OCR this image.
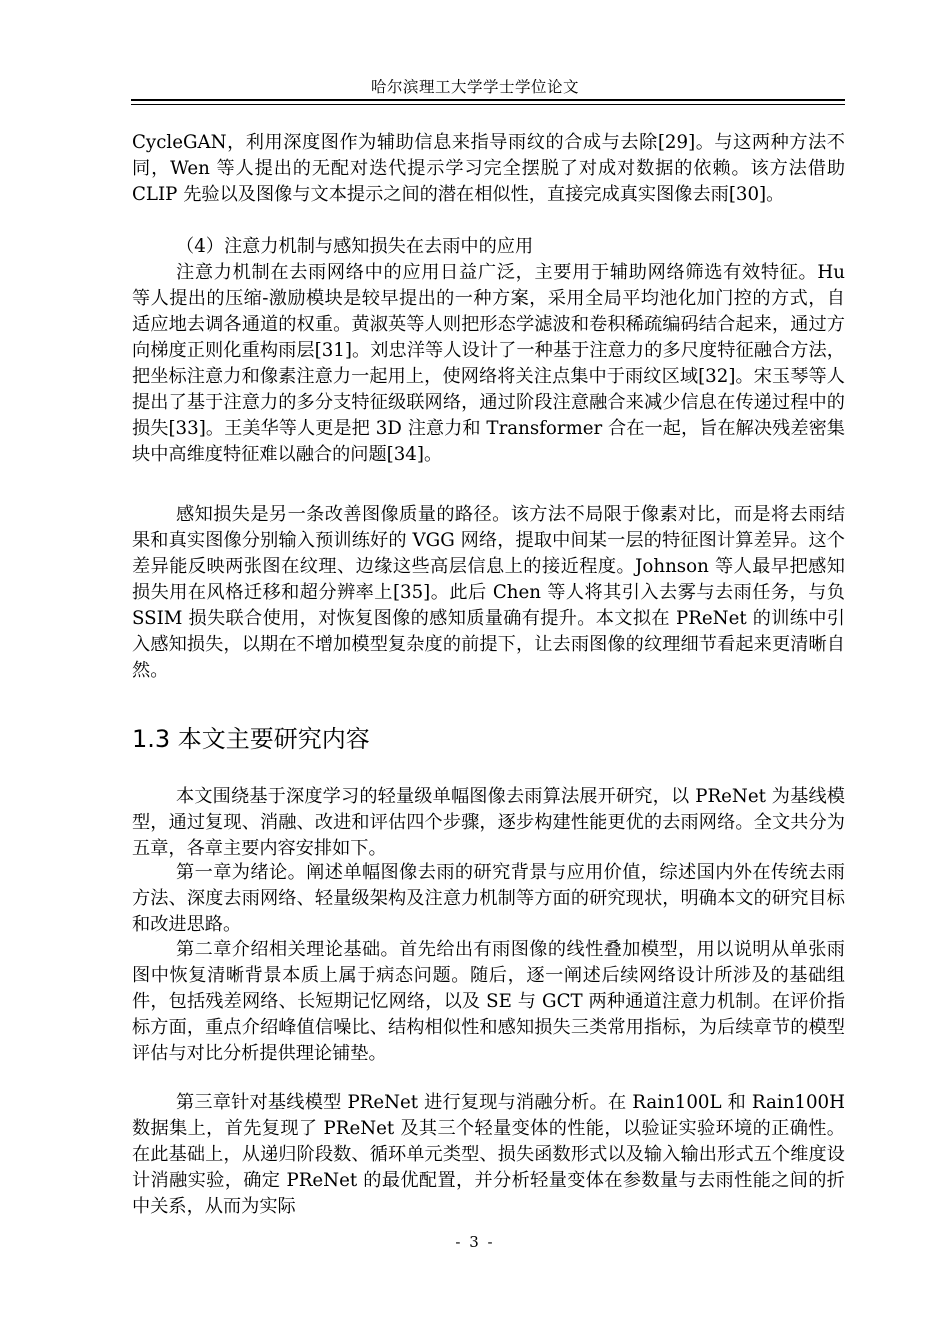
哈尔滨理工大学学士学位论文

CycleGAN，利用深度图作为辅助信息来指导雨纹的合成与去除[29]。与这两种方法不同，Wen 等人提出的无配对迭代提示学习完全摆脱了对成对数据的依赖。该方法借助 CLIP 先验以及图像与文本提示之间的潜在相似性，直接完成真实图像去雨[30]。

（4）注意力机制与感知损失在去雨中的应用

注意力机制在去雨网络中的应用日益广泛，主要用于辅助网络筛选有效特征。Hu 等人提出的压缩-激励模块是较早提出的一种方案，采用全局平均池化加门控的方式，自适应地去调各通道的权重。黄淑英等人则把形态学滤波和卷积稀疏编码结合起来，通过方向梯度正则化重构雨层[31]。刘忠洋等人设计了一种基于注意力的多尺度特征融合方法，把坐标注意力和像素注意力一起用上，使网络将关注点集中于雨纹区域[32]。宋玉琴等人提出了基于注意力的多分支特征级联网络，通过阶段注意融合来减少信息在传递过程中的损失[33]。王美华等人更是把 3D 注意力和 Transformer 合在一起，旨在解决残差密集块中高维度特征难以融合的问题[34]。

感知损失是另一条改善图像质量的路径。该方法不局限于像素对比，而是将去雨结果和真实图像分别输入预训练好的 VGG 网络，提取中间某一层的特征图计算差异。这个差异能反映两张图在纹理、边缘这些高层信息上的接近程度。Johnson 等人最早把感知损失用在风格迁移和超分辨率上[35]。此后 Chen 等人将其引入去雾与去雨任务，与负 SSIM 损失联合使用，对恢复图像的感知质量确有提升。本文拟在 PReNet 的训练中引入感知损失，以期在不增加模型复杂度的前提下，让去雨图像的纹理细节看起来更清晰自然。

1.3 本文主要研究内容

本文围绕基于深度学习的轻量级单幅图像去雨算法展开研究，以 PReNet 为基线模型，通过复现、消融、改进和评估四个步骤，逐步构建性能更优的去雨网络。全文共分为五章，各章主要内容安排如下。

第一章为绪论。阐述单幅图像去雨的研究背景与应用价值，综述国内外在传统去雨方法、深度去雨网络、轻量级架构及注意力机制等方面的研究现状，明确本文的研究目标和改进思路。

第二章介绍相关理论基础。首先给出有雨图像的线性叠加模型，用以说明从单张雨图中恢复清晰背景本质上属于病态问题。随后，逐一阐述后续网络设计所涉及的基础组件，包括残差网络、长短期记忆网络，以及 SE 与 GCT 两种通道注意力机制。在评价指标方面，重点介绍峰值信噪比、结构相似性和感知损失三类常用指标，为后续章节的模型评估与对比分析提供理论铺垫。

第三章针对基线模型 PReNet 进行复现与消融分析。在 Rain100L 和 Rain100H 数据集上，首先复现了 PReNet 及其三个轻量变体的性能，以验证实验环境的正确性。在此基础上，从递归阶段数、循环单元类型、损失函数形式以及输入输出形式五个维度设计消融实验，确定 PReNet 的最优配置，并分析轻量变体在参数量与去雨性能之间的折中关系，从而为实际

- 3 -
